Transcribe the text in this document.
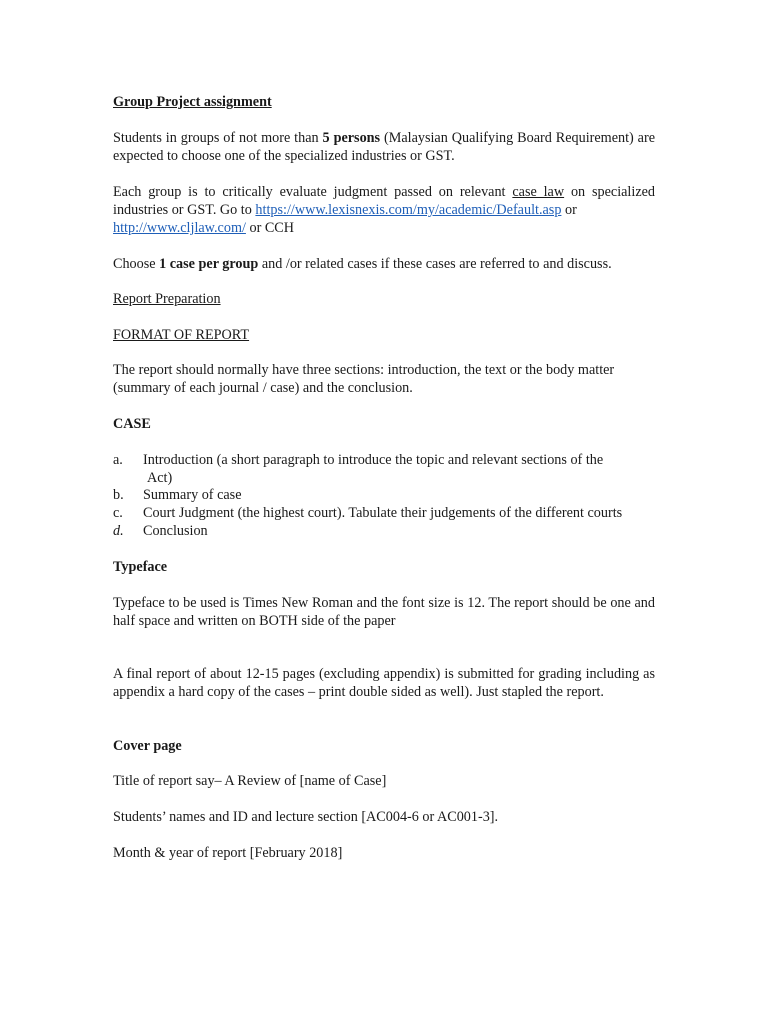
Group Project assignment

Students in groups of not more than 5 persons (Malaysian Qualifying Board Requirement) are expected to choose one of the specialized industries or GST.

Each group is to critically evaluate judgment passed on relevant case law on specialized industries or GST. Go to https://www.lexisnexis.com/my/academic/Default.asp or
http://www.cljlaw.com/ or CCH

Choose 1 case per group and /or related cases if these cases are referred to and discuss.

Report Preparation

FORMAT OF REPORT

The report should normally have three sections: introduction, the text or the body matter (summary of each journal / case) and the conclusion.

CASE

a. Introduction (a short paragraph to introduce the topic and relevant sections of the
Act)
b. Summary of case
c. Court Judgment (the highest court). Tabulate their judgements of the different courts
d. Conclusion

Typeface

Typeface to be used is Times New Roman and the font size is 12. The report should be one and half space and written on BOTH side of the paper

A final report of about 12-15 pages (excluding appendix) is submitted for grading including as appendix a hard copy of the cases – print double sided as well). Just stapled the report.

Cover page

Title of report say– A Review of [name of Case]

Students’ names and ID and lecture section [AC004-6 or AC001-3].

Month & year of report [February 2018]
